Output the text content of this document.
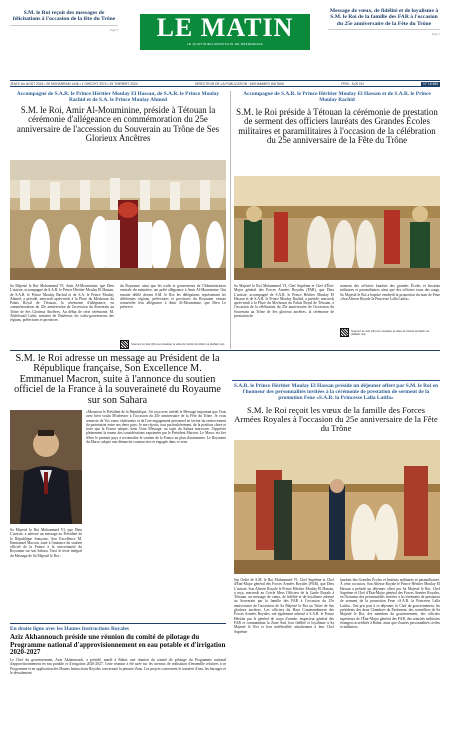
S.M. le Roi reçoit des messages de félicitations à l'occasion de la fête du Trône
Page 3	LE MATIN
LE QUOTIDIEN MAROCAIN DE RÉFÉRENCE
Message de vœux, de fidélité et de loyalisme à S.M. le Roi de la famille des FAR à l'occasion du 25e anniversaire de la Fête du Trône
Page 5
JEUDI 1er AOÛT 2024 • 26 MOHARRAM 1446 • 1 GHECHT 2974 • 25 THIRRIRT 2024	DIRECTEUR DE LA PUBLICATION : MOHAMMED HAITAMI	PRIX : 5,00 DH	N° 18 589
Accompagné de S.A.R. le Prince Héritier Moulay El Hassan, de S.A.R. le Prince Moulay Rachid et de S.A. le Prince Moulay Ahmed
S.M. le Roi, Amir Al-Mouminine, préside à Tétouan la cérémonie d'allégeance en commémoration du 25e anniversaire de l'accession du Souverain au Trône de Ses Glorieux Ancêtres
Sa Majesté le Roi Mohammed VI, Amir Al-Mouminine, que Dieu L'assiste, accompagné de S.A.R. le Prince Héritier Moulay El Hassan, de S.A.R. le Prince Moulay Rachid et de S.A. le Prince Moulay Ahmed, a présidé, mercredi après-midi à la Place du Mechouar du Palais Royal de Tétouan, la cérémonie d'allégeance, en commémoration du 25e anniversaire de l'accession du Souverain au Trône de Ses Glorieux Ancêtres. Au début de cette cérémonie, M. Abdelouafi Laftit, ministre de l'Intérieur, les walis-gouverneurs des régions, préfectures et provinces
du Royaume, ainsi que les walis et gouverneurs de l'Administration centrale du ministère, ont prêté allégeance à Amir Al-Mouminine. Ont ensuite défilé devant S.M. le Roi les délégations représentant les différentes régions, préfectures et provinces du Royaume venues renouveler leur allégeance à Amir Al-Mouminine, que Dieu Le préserve.
Scannez le code QR pour visualiser la vidéo de l'article de Matin.ma (leMatin.ma)
Accompagné de S.A.R. le Prince Héritier Moulay El Hassan et de S.A.R. le Prince Moulay Rachid
S.M. le Roi préside à Tétouan la cérémonie de prestation de serment des officiers lauréats des Grandes Écoles militaires et paramilitaires à l'occasion de la célébration du 25e anniversaire de la Fête du Trône
Sa Majesté le Roi Mohammed VI, Chef Suprême et Chef d'État-Major général des Forces Armées Royales (FAR), que Dieu L'assiste, accompagné de S.A.R. le Prince Héritier Moulay El Hassan et de S.A.R. le Prince Moulay Rachid, a présidé, mercredi après-midi à la Place du Mechouar du Palais Royal de Tétouan, à l'occasion de la célébration du 25e anniversaire de l'accession du Souverain au Trône de Ses glorieux ancêtres, la cérémonie de prestation de
serment des officiers lauréats des grandes Écoles et Instituts militaires et paramilitaires ainsi que des officiers issus des rangs. Sa Majesté le Roi a baptisé vendredi la promotion du nom de Feue «Son Altesse Royale la Princesse Lalla Latifa».
Scannez le code QR pour visualiser la vidéo de l'article de Matin.ma (leMatin.ma)
S.M. le Roi adresse un message au Président de la République française, Son Excellence M. Emmanuel Macron, suite à l'annonce du soutien officiel de la France à la souveraineté du Royaume sur son Sahara
«Monsieur le Président de la République, J'ai reçu avec intérêt le Message important que Vous avez bien voulu M'adresser à l'occasion du 25e anniversaire de la Fête du Trône. Je vous remercie de Vos vœux chaleureux et de l'ore engagement personnel en faveur du renforcement du partenariat entre nos deux pays. Je me réjouis, tout particulièrement, de la position claire et forte que la France adopte, dans Votre Message, au sujet du Sahara marocain. J'apprécie pleinement la teneur des considérations exprimées par le Président Macron. Le Maroc est fier d'être le premier pays à reconnaître le soutien de la France au plan d'autonomie. Le Royaume du Maroc adopte une démarche constructive et engagée dans ce sens.
Sa Majesté le Roi Mohammed VI, que Dieu L'assiste, a adressé un message au Président de la République française, Son Excellence M. Emmanuel Macron, suite à l'annonce du soutien officiel de la France à la souveraineté du Royaume sur son Sahara. Voici le texte intégral du Message de Sa Majesté le Roi :
S.A.R. le Prince Héritier Moulay El Hassan préside un déjeuner offert par S.M. le Roi en l'honneur des personnalités invitées à la cérémonie de prestation de serment de la promotion Feue «S.A.R. la Princesse Lalla Latifa»
S.M. le Roi reçoit les vœux de la famille des Forces Armées Royales à l'occasion du 25e anniversaire de la Fête du Trône
Sur Ordre de S.M. le Roi Mohammed VI, Chef Suprême et Chef d'État-Major général des Forces Armées Royales (FAR), que Dieu L'assiste, Son Altesse Royale le Prince Héritier Moulay El Hassan, a reçu, mercredi au Cercle Mess Officiers de la Garde Royale à Tétouan, un message de vœux, de fidélité et de loyalisme adressé au Souverain par la famille des FAR à l'occasion du 25e anniversaire de l'accession de Sa Majesté le Roi au Trône de Ses glorieux ancêtres. Les officiers du Haut Commandement des Forces Armées Royales, ont également adressé à S.A.R. le Prince Héritier par le général de corps d'armée, inspecteur général des FAR et commandant la Zone Sud, leur fidélité et loyalisme à Sa Majesté le Roi et leur indéfectible attachement à leur Chef Suprême
lauréats des Grandes Écoles et Instituts militaires et paramilitaires. À cette occasion, Son Altesse Royale le Prince Héritier Moulay El Hassan a présidé un déjeuner offert par Sa Majesté le Roi, Chef Suprême et Chef d'État-Major général des Forces Armées Royales, en l'honneur des personnalités invitées à la cérémonie de prestation de serment de la promotion Feue «S.A.R. la Princesse Lalla Latifa». Ont pris part à ce déjeuner, le Chef du gouvernement, les présidents des deux Chambres du Parlement, des conseillers de Sa Majesté le Roi, des membres du gouvernement, des officiers supérieurs de l'État-Major général des FAR, des attachés militaires étrangers accrédités à Rabat, ainsi que d'autres personnalités civiles et militaires.
En droite ligne avec les Hautes Instructions Royales
Aziz Akhannouch préside une réunion du comité de pilotage du Programme national d'approvisionnement en eau potable et d'irrigation 2020-2027
Le Chef du gouvernement, Aziz Akhannouch, a présidé, mardi à Rabat, une réunion du comité de pilotage du Programme national d'approvisionnement en eau potable et d'irrigation 2020-2027. Cette réunion a été axée sur les niveaux de réalisation d'ensemble relatives à ce Programme et en application des Hautes Instructions Royales concernant la pénurie d'eau. Les projets concernent le transfert d'eau, les barrages et le dessalement.
